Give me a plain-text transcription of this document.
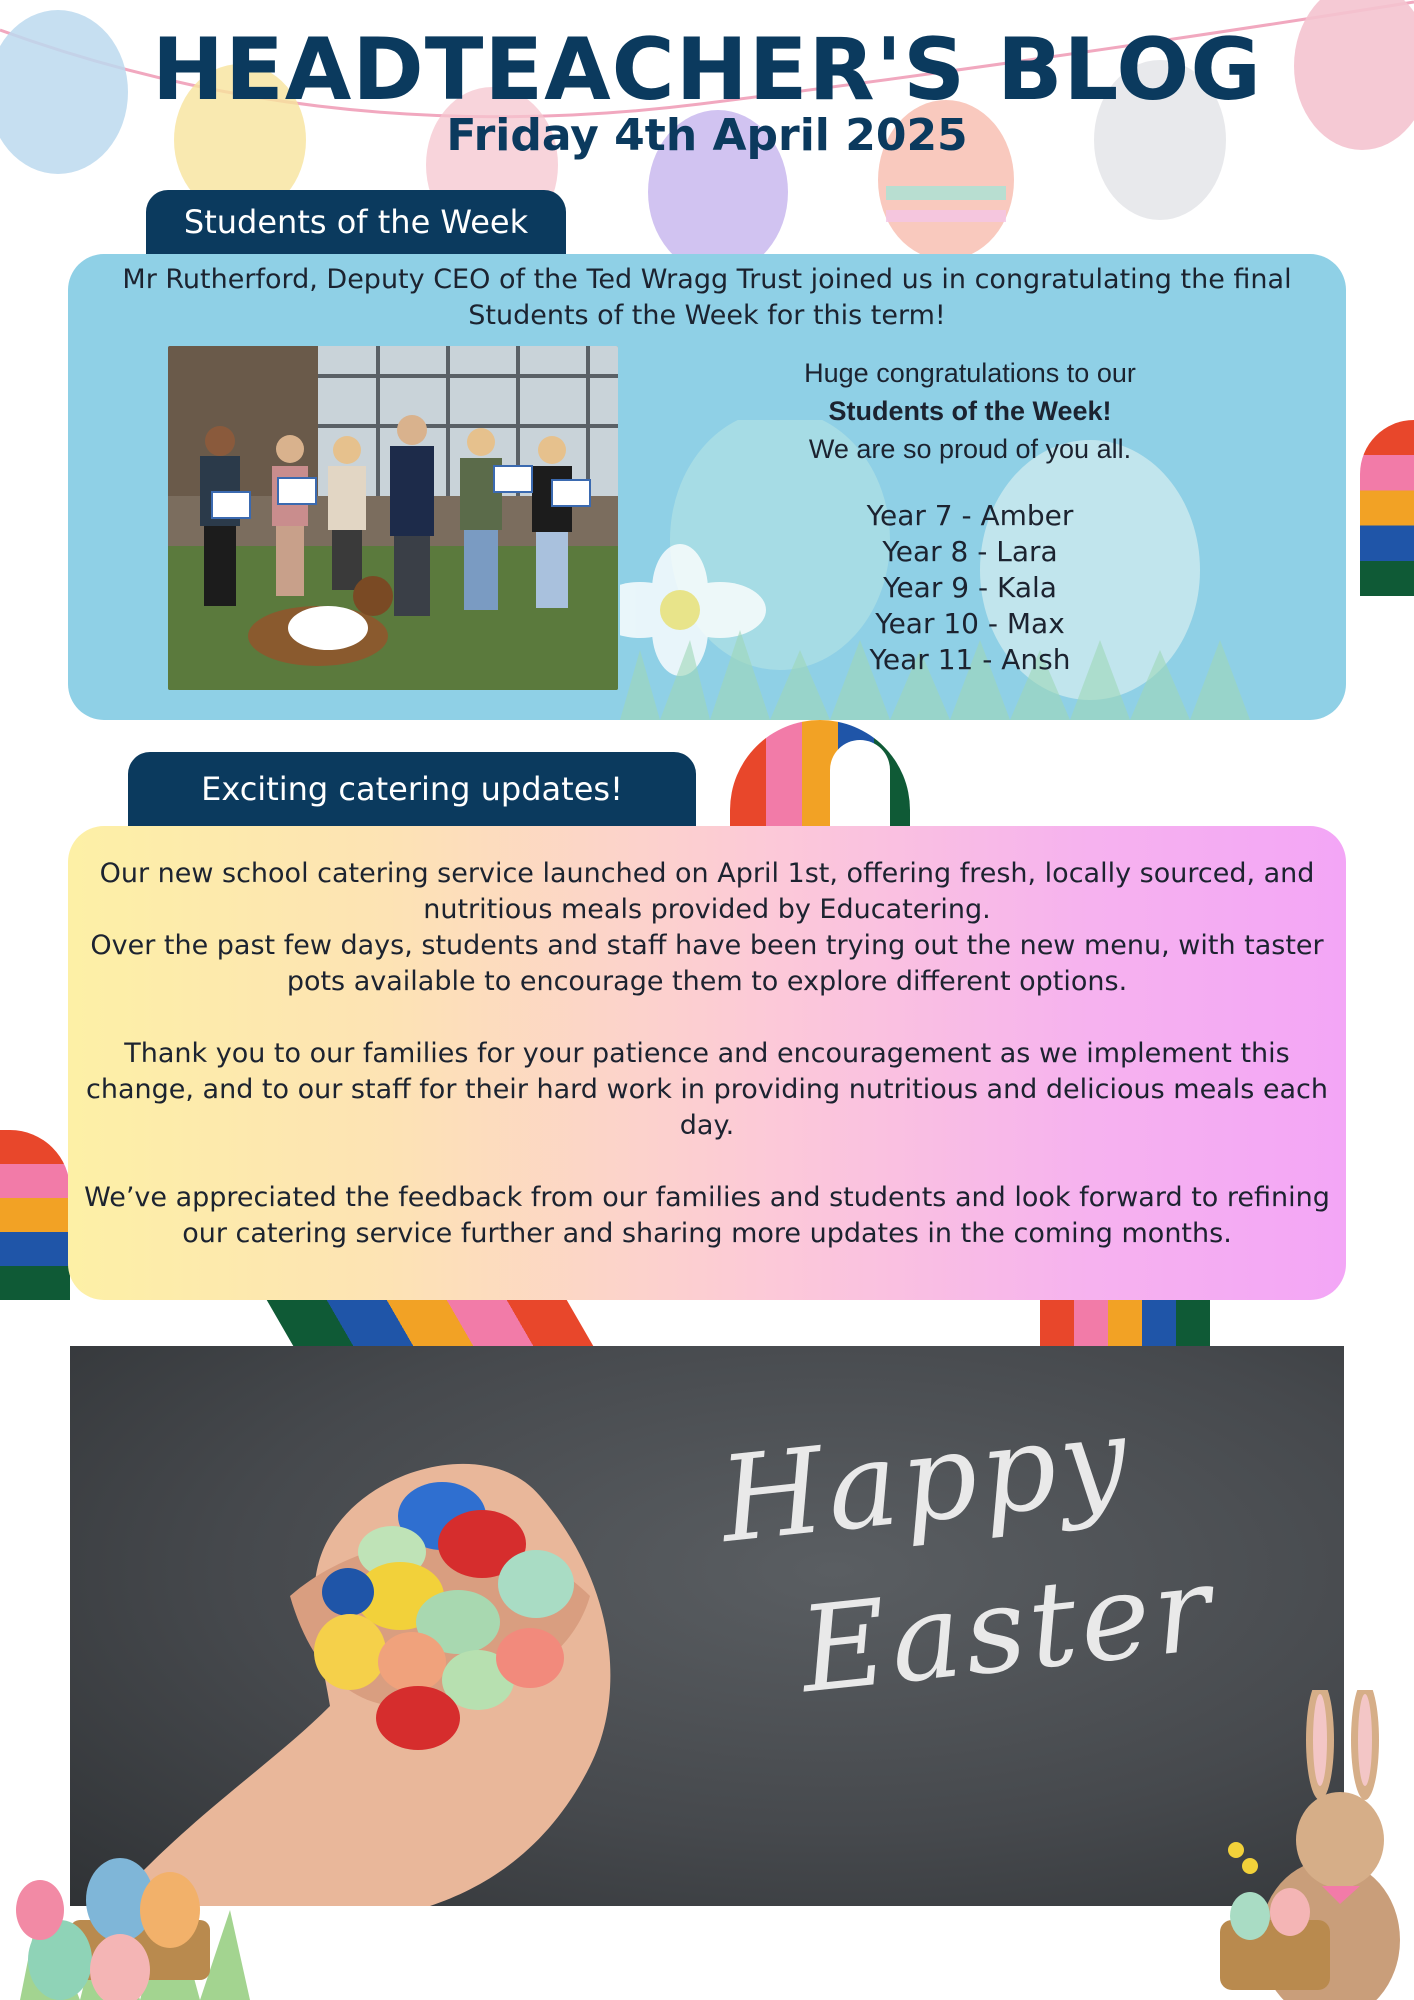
HEADTEACHER'S BLOG
Friday 4th April 2025
Students of the Week
Mr Rutherford, Deputy CEO of the Ted Wragg Trust joined us in congratulating the final Students of the Week for this term!
Huge congratulations to our
Students of the Week!
We are so proud of you all.
Year 7 - Amber
Year 8 - Lara
Year 9 - Kala
Year 10 - Max
Year 11 - Ansh
Exciting catering updates!

Our new school catering service launched on April 1st, offering fresh, locally sourced, and nutritious meals provided by Educatering.

Over the past few days, students and staff have been trying out the new menu, with taster pots available to encourage them to explore different options.

Thank you to our families for your patience and encouragement as we implement this change, and to our staff for their hard work in providing nutritious and delicious meals each day.

We’ve appreciated the feedback from our families and students and look forward to refining our catering service further and sharing more updates in the coming months.

Happy
Easter
